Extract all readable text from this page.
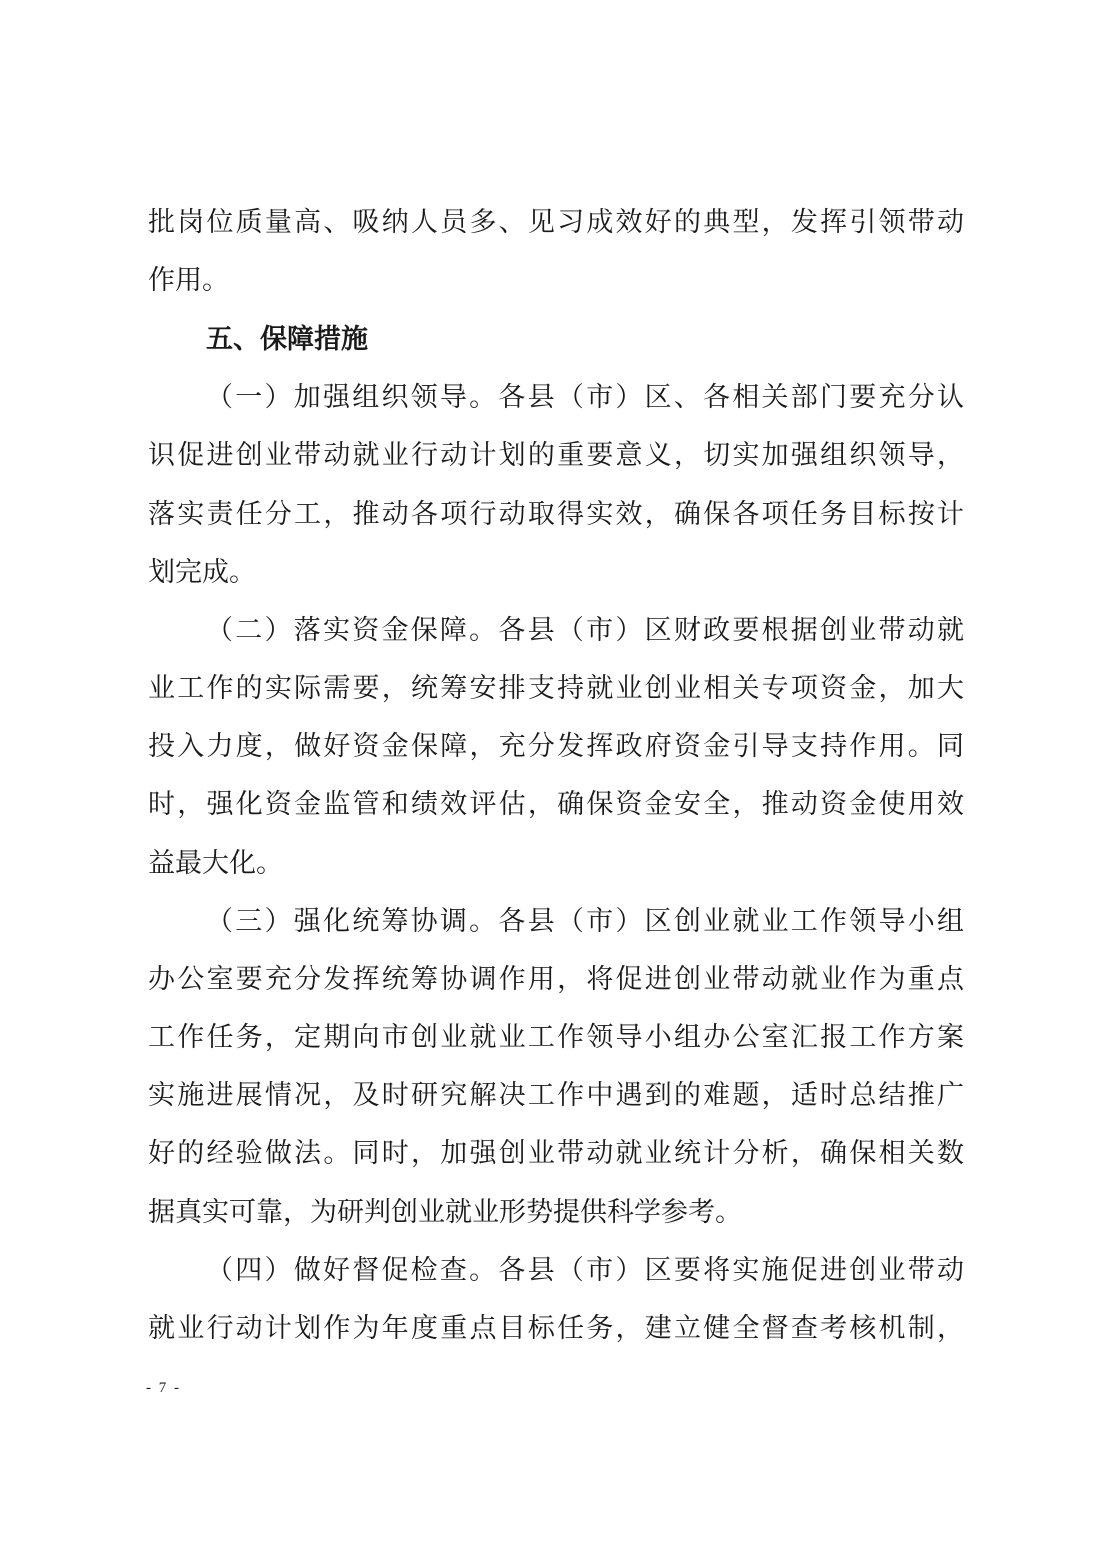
批岗位质量高、吸纳人员多、见习成效好的典型，发挥引领带动
作用。
五、保障措施
（一）加强组织领导。各县（市）区、各相关部门要充分认
识促进创业带动就业行动计划的重要意义，切实加强组织领导，
落实责任分工，推动各项行动取得实效，确保各项任务目标按计
划完成。
（二）落实资金保障。各县（市）区财政要根据创业带动就
业工作的实际需要，统筹安排支持就业创业相关专项资金，加大
投入力度，做好资金保障，充分发挥政府资金引导支持作用。同
时，强化资金监管和绩效评估，确保资金安全，推动资金使用效
益最大化。
（三）强化统筹协调。各县（市）区创业就业工作领导小组
办公室要充分发挥统筹协调作用，将促进创业带动就业作为重点
工作任务，定期向市创业就业工作领导小组办公室汇报工作方案
实施进展情况，及时研究解决工作中遇到的难题，适时总结推广
好的经验做法。同时，加强创业带动就业统计分析，确保相关数
据真实可靠，为研判创业就业形势提供科学参考。
（四）做好督促检查。各县（市）区要将实施促进创业带动
就业行动计划作为年度重点目标任务，建立健全督查考核机制，
- 7 -
